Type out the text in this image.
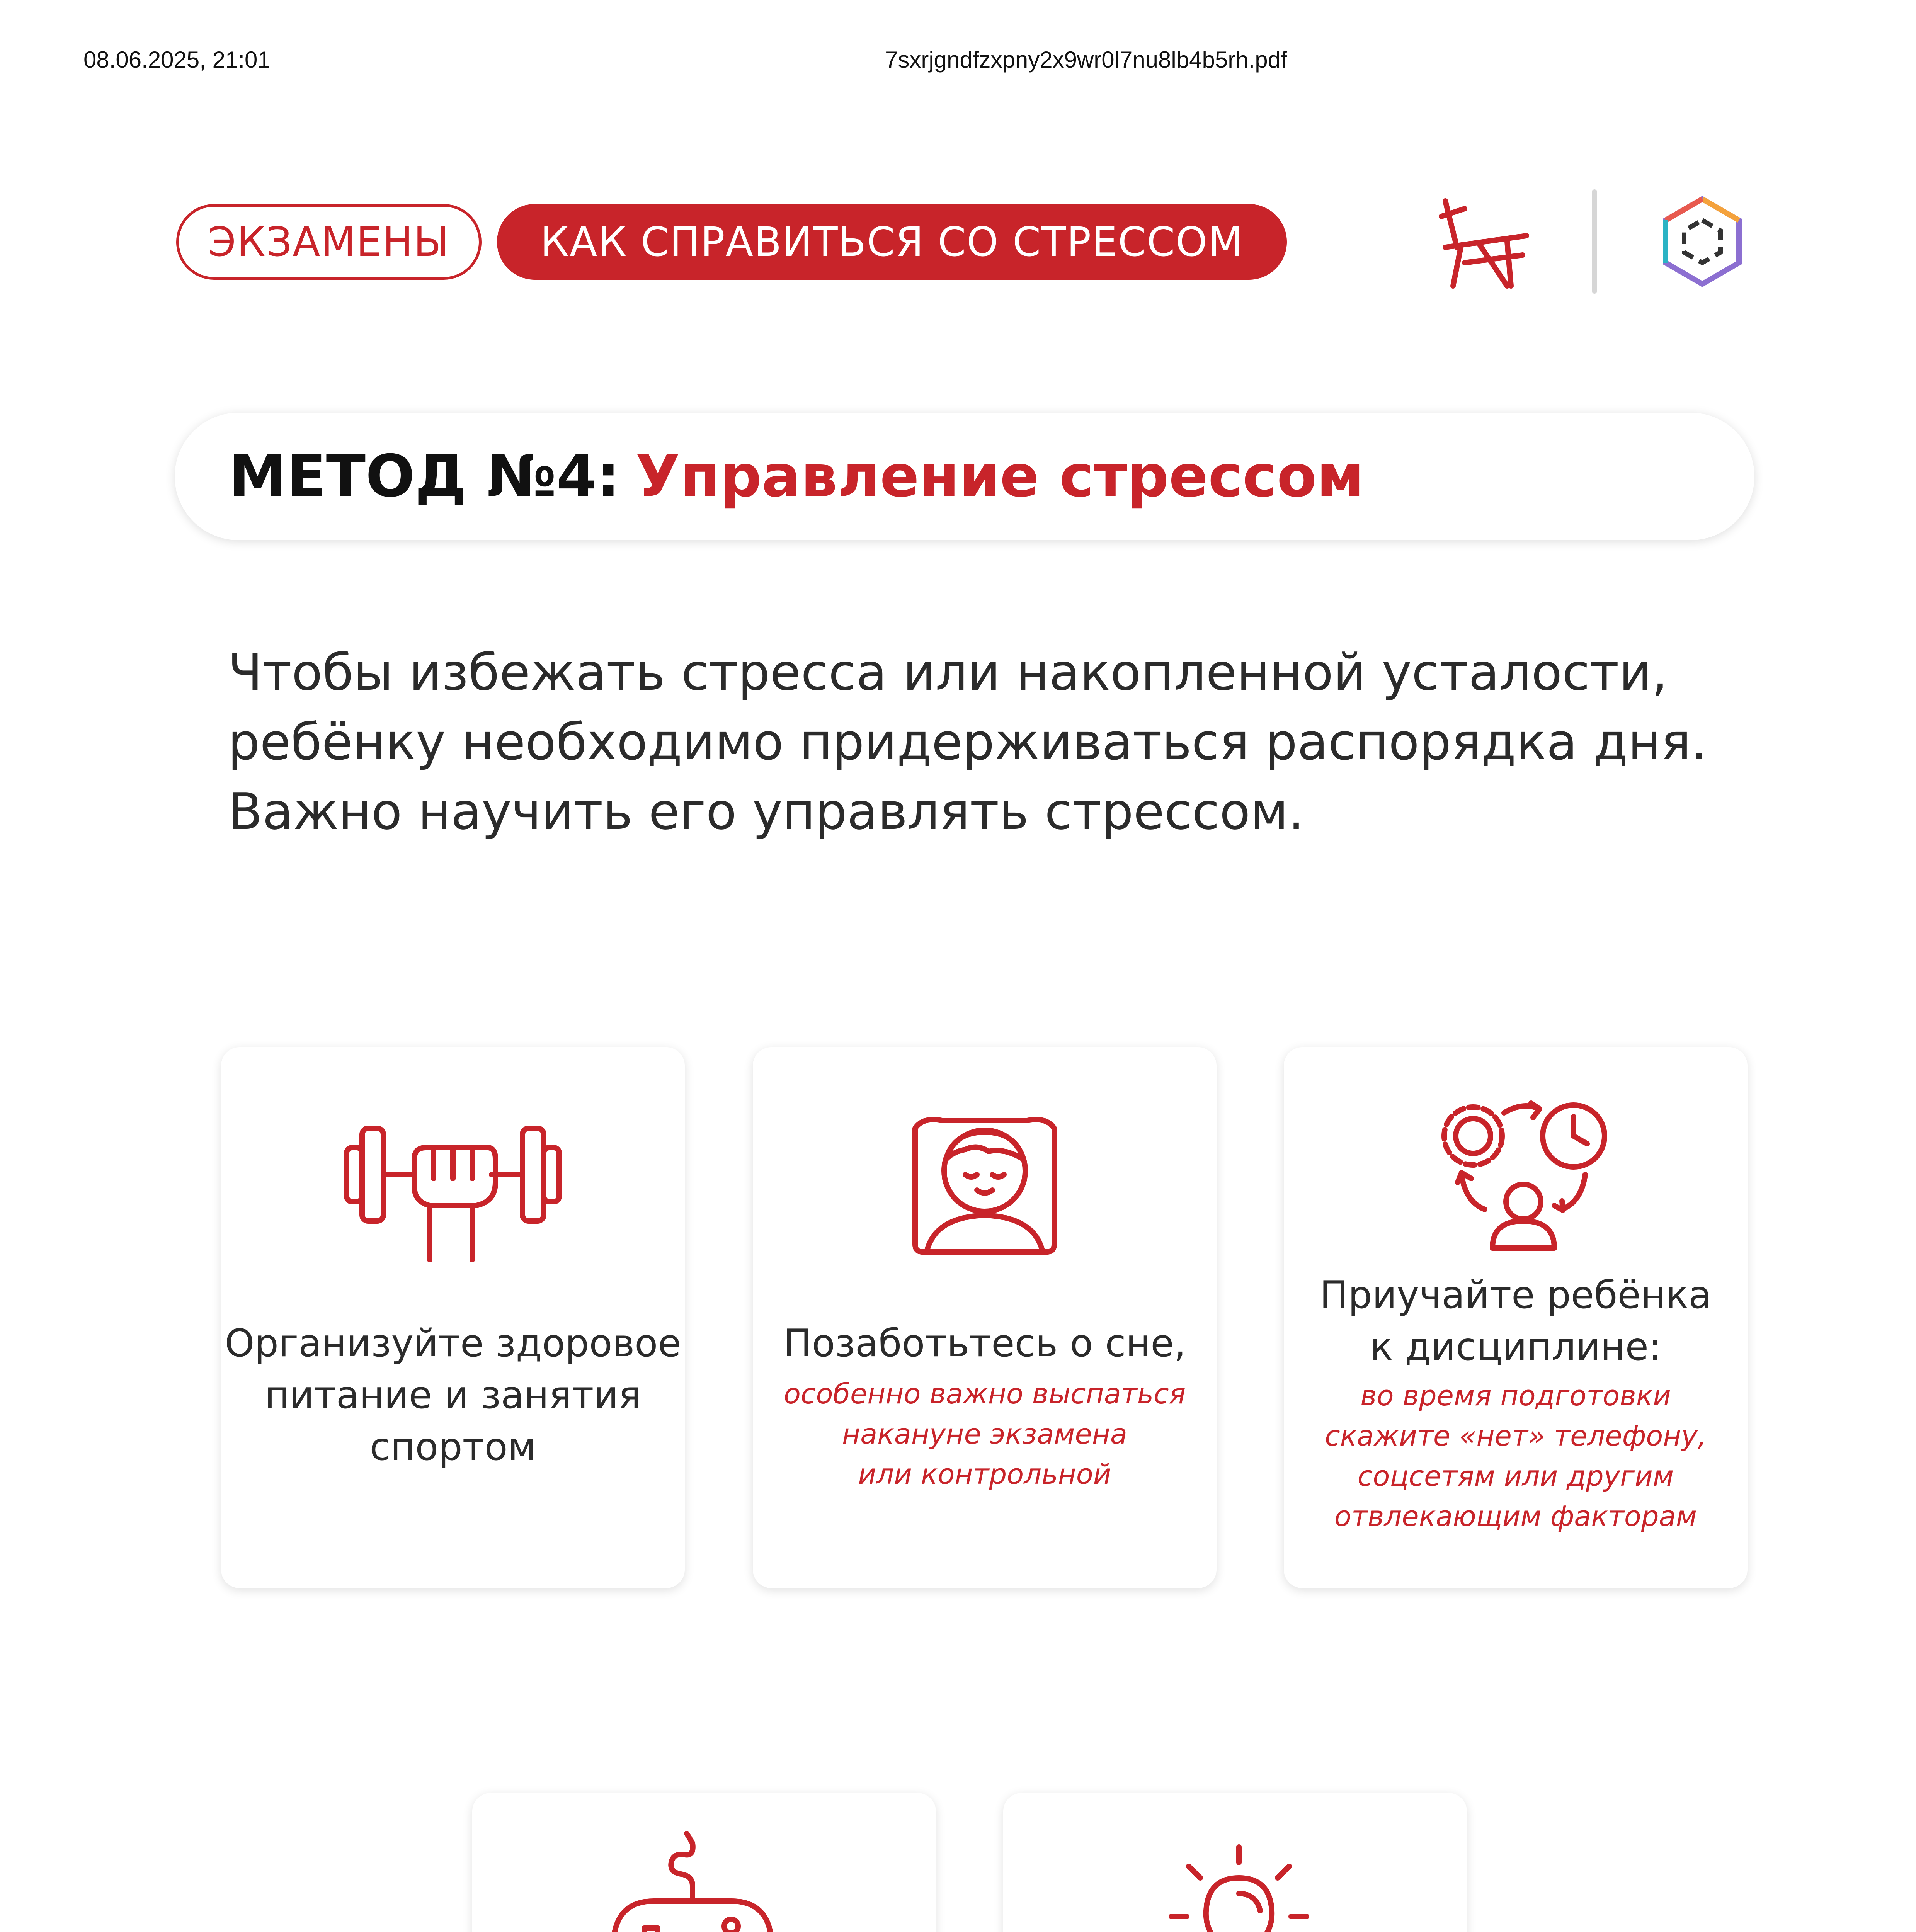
08.06.2025, 21:01	7sxrjgndfzxpny2x9wr0l7nu8lb4b5rh.pdf
ЭКЗАМЕНЫ	КАК СПРАВИТЬСЯ СО СТРЕССОМ
МЕТОД №4: Управление стрессом
Чтобы избежать стресса или накопленной усталости,
ребёнку необходимо придерживаться распорядка дня.
Важно научить его управлять стрессом.
Организуйте здоровое
питание и занятия
спортом
Позаботьтесь о сне,
особенно важно выспаться
накануне экзамена
или контрольной
Приучайте ребёнка
к дисциплине:
во время подготовки
скажите «нет» телефону,
соцсетям или другим
отвлекающим факторам
